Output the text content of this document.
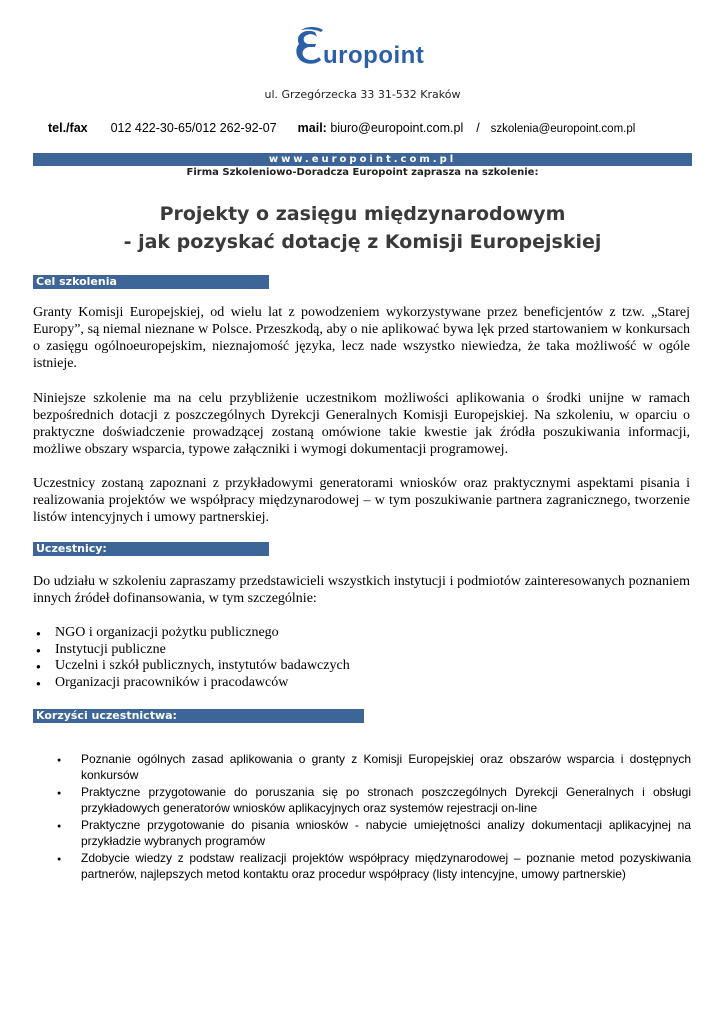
uropoint
ul. Grzegórzecka 33 31-532 Kraków
tel./fax 012 422-30-65/012 262-92-07 mail: biuro@europoint.com.pl / szkolenia@europoint.com.pl
www.europoint.com.pl
Firma Szkoleniowo-Doradcza Europoint zaprasza na szkolenie:
Projekty o zasięgu międzynarodowym
- jak pozyskać dotację z Komisji Europejskiej
Cel szkolenia

Granty Komisji Europejskiej, od wielu lat z powodzeniem wykorzystywane przez beneficjentów z tzw. „Starej Europy”, są niemal nieznane w Polsce. Przeszkodą, aby o nie aplikować bywa lęk przed startowaniem w konkursach o zasięgu ogólnoeuropejskim, nieznajomość języka, lecz nade wszystko niewiedza, że taka możliwość w ogóle istnieje.

Niniejsze szkolenie ma na celu przybliżenie uczestnikom możliwości aplikowania o środki unijne w ramach bezpośrednich dotacji z poszczególnych Dyrekcji Generalnych Komisji Europejskiej. Na szkoleniu, w oparciu o praktyczne doświadczenie prowadzącej zostaną omówione takie kwestie jak źródła poszukiwania informacji, możliwe obszary wsparcia, typowe załączniki i wymogi dokumentacji programowej.

Uczestnicy zostaną zapoznani z przykładowymi generatorami wniosków oraz praktycznymi aspektami pisania i realizowania projektów we współpracy międzynarodowej – w tym poszukiwanie partnera zagranicznego, tworzenie listów intencyjnych i umowy partnerskiej.

Uczestnicy:

Do udziału w szkoleniu zapraszamy przedstawicieli wszystkich instytucji i podmiotów zainteresowanych poznaniem innych źródeł dofinansowania, w tym szczególnie:

● NGO i organizacji pożytku publicznego
● Instytucji publiczne
● Uczelni i szkół publicznych, instytutów badawczych
● Organizacji pracowników i pracodawców
Korzyści uczestnictwa:
● Poznanie ogólnych zasad aplikowania o granty z Komisji Europejskiej oraz obszarów wsparcia i dostępnych konkursów
● Praktyczne przygotowanie do poruszania się po stronach poszczególnych Dyrekcji Generalnych i obsługi przykładowych generatorów wniosków aplikacyjnych oraz systemów rejestracji on-line
● Praktyczne przygotowanie do pisania wniosków - nabycie umiejętności analizy dokumentacji aplikacyjnej na przykładzie wybranych programów
● Zdobycie wiedzy z podstaw realizacji projektów współpracy międzynarodowej – poznanie metod pozyskiwania partnerów, najlepszych metod kontaktu oraz procedur współpracy (listy intencyjne, umowy partnerskie)
